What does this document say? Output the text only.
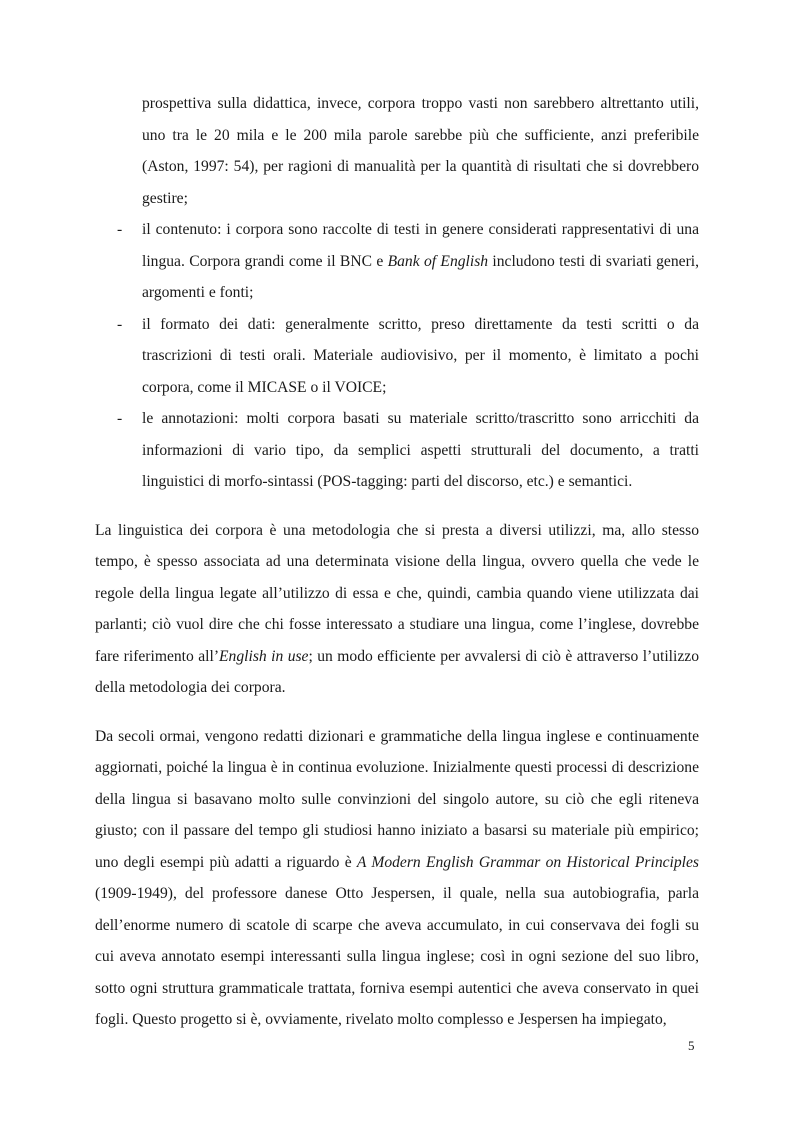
prospettiva sulla didattica, invece, corpora troppo vasti non sarebbero altrettanto utili, uno tra le 20 mila e le 200 mila parole sarebbe più che sufficiente, anzi preferibile (Aston, 1997: 54), per ragioni di manualità per la quantità di risultati che si dovrebbero gestire;
- il contenuto: i corpora sono raccolte di testi in genere considerati rappresentativi di una lingua. Corpora grandi come il BNC e Bank of English includono testi di svariati generi, argomenti e fonti;
- il formato dei dati: generalmente scritto, preso direttamente da testi scritti o da trascrizioni di testi orali. Materiale audiovisivo, per il momento, è limitato a pochi corpora, come il MICASE o il VOICE;
- le annotazioni: molti corpora basati su materiale scritto/trascritto sono arricchiti da informazioni di vario tipo, da semplici aspetti strutturali del documento, a tratti linguistici di morfo-sintassi (POS-tagging: parti del discorso, etc.) e semantici.

La linguistica dei corpora è una metodologia che si presta a diversi utilizzi, ma, allo stesso tempo, è spesso associata ad una determinata visione della lingua, ovvero quella che vede le regole della lingua legate all’utilizzo di essa e che, quindi, cambia quando viene utilizzata dai parlanti; ciò vuol dire che chi fosse interessato a studiare una lingua, come l’inglese, dovrebbe fare riferimento all’English in use; un modo efficiente per avvalersi di ciò è attraverso l’utilizzo della metodologia dei corpora.

Da secoli ormai, vengono redatti dizionari e grammatiche della lingua inglese e continuamente aggiornati, poiché la lingua è in continua evoluzione. Inizialmente questi processi di descrizione della lingua si basavano molto sulle convinzioni del singolo autore, su ciò che egli riteneva giusto; con il passare del tempo gli studiosi hanno iniziato a basarsi su materiale più empirico; uno degli esempi più adatti a riguardo è A Modern English Grammar on Historical Principles (1909-1949), del professore danese Otto Jespersen, il quale, nella sua autobiografia, parla dell’enorme numero di scatole di scarpe che aveva accumulato, in cui conservava dei fogli su cui aveva annotato esempi interessanti sulla lingua inglese; così in ogni sezione del suo libro, sotto ogni struttura grammaticale trattata, forniva esempi autentici che aveva conservato in quei fogli. Questo progetto si è, ovviamente, rivelato molto complesso e Jespersen ha impiegato,

5
